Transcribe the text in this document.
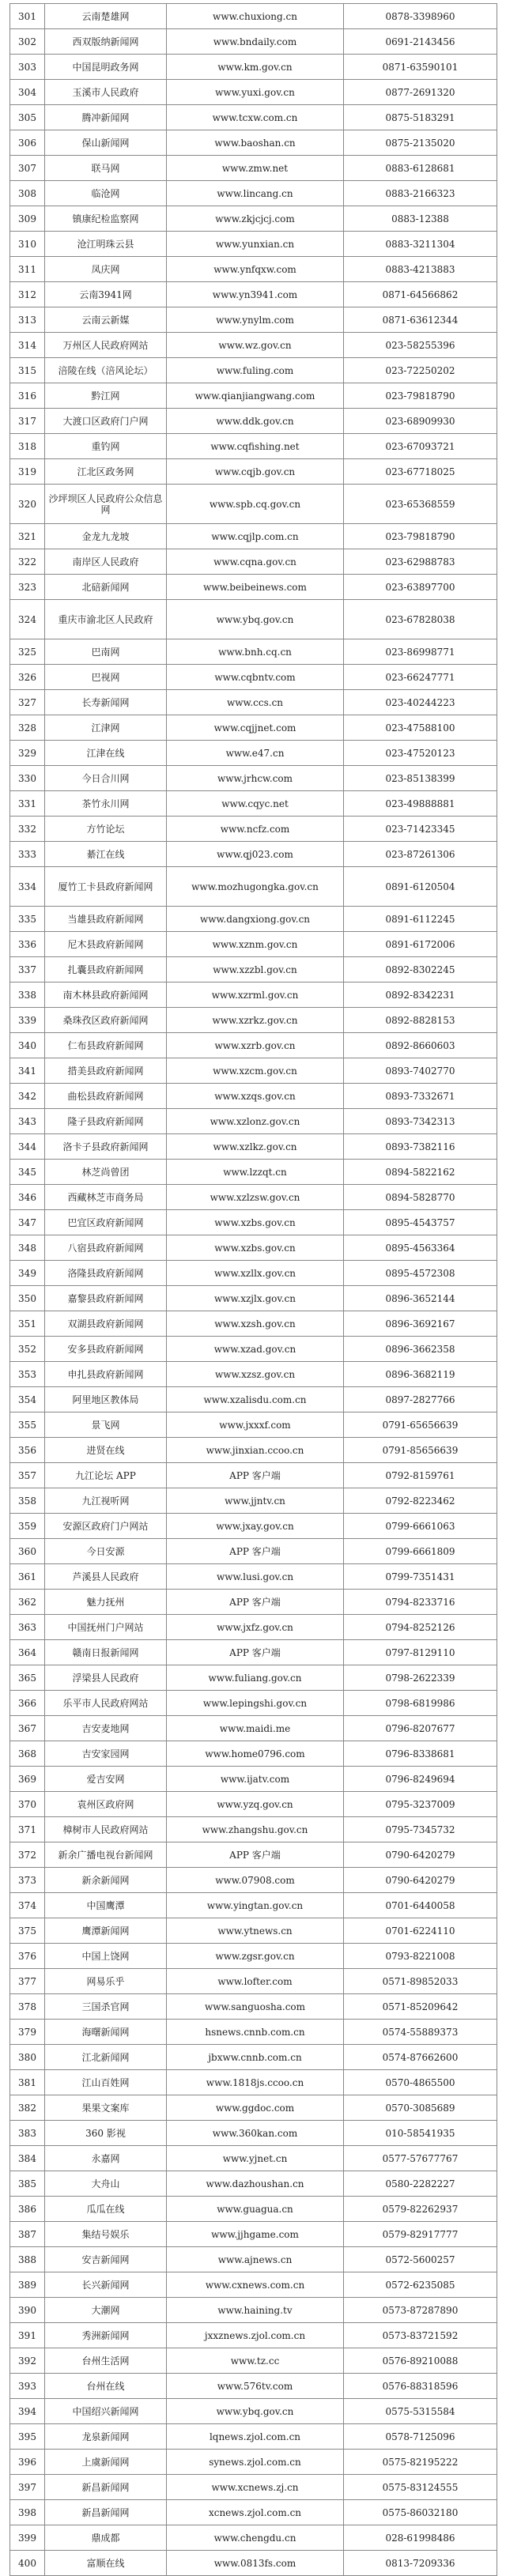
301	云南楚雄网	www.chuxiong.cn	0878-3398960
302	西双版纳新闻网	www.bndaily.com	0691-2143456
303	中国昆明政务网	www.km.gov.cn	0871-63590101
304	玉溪市人民政府	www.yuxi.gov.cn	0877-2691320
305	腾冲新闻网	www.tcxw.com.cn	0875-5183291
306	保山新闻网	www.baoshan.cn	0875-2135020
307	联马网	www.zmw.net	0883-6128681
308	临沧网	www.lincang.cn	0883-2166323
309	镇康纪检监察网	www.zkjcjcj.com	0883-12388
310	沧江明珠云县	www.yunxian.cn	0883-3211304
311	凤庆网	www.ynfqxw.com	0883-4213883
312	云南3941网	www.yn3941.com	0871-64566862
313	云南云新媒	www.ynylm.com	0871-63612344
314	万州区人民政府网站	www.wz.gov.cn	023-58255396
315	涪陵在线（涪风论坛）	www.fuling.com	023-72250202
316	黔江网	www.qianjiangwang.com	023-79818790
317	大渡口区政府门户网	www.ddk.gov.cn	023-68909930
318	重钓网	www.cqfishing.net	023-67093721
319	江北区政务网	www.cqjb.gov.cn	023-67718025
320	沙坪坝区人民政府公众信息网	www.spb.cq.gov.cn	023-65368559
321	金龙九龙坡	www.cqjlp.com.cn	023-79818790
322	南岸区人民政府	www.cqna.gov.cn	023-62988783
323	北碚新闻网	www.beibeinews.com	023-63897700
324	重庆市渝北区人民政府	www.ybq.gov.cn	023-67828038
325	巴南网	www.bnh.cq.cn	023-86998771
326	巴视网	www.cqbntv.com	023-66247771
327	长寿新闻网	www.ccs.cn	023-40244223
328	江津网	www.cqjjnet.com	023-47588100
329	江津在线	www.e47.cn	023-47520123
330	今日合川网	www.jrhcw.com	023-85138399
331	茶竹永川网	www.cqyc.net	023-49888881
332	方竹论坛	www.ncfz.com	023-71423345
333	綦江在线	www.qj023.com	023-87261306
334	厦竹工卡县政府新闻网	www.mozhugongka.gov.cn	0891-6120504
335	当雄县政府新闻网	www.dangxiong.gov.cn	0891-6112245
336	尼木县政府新闻网	www.xznm.gov.cn	0891-6172006
337	扎囊县政府新闻网	www.xzzbl.gov.cn	0892-8302245
338	南木林县政府新闻网	www.xzrml.gov.cn	0892-8342231
339	桑珠孜区政府新闻网	www.xzrkz.gov.cn	0892-8828153
340	仁布县政府新闻网	www.xzrb.gov.cn	0892-8660603
341	措美县政府新闻网	www.xzcm.gov.cn	0893-7402770
342	曲松县政府新闻网	www.xzqs.gov.cn	0893-7332671
343	隆子县政府新闻网	www.xzlonz.gov.cn	0893-7342313
344	洛卡子县政府新闻网	www.xzlkz.gov.cn	0893-7382116
345	林芝尚曾团	www.lzzqt.cn	0894-5822162
346	西藏林芝市商务局	www.xzlzsw.gov.cn	0894-5828770
347	巴宜区政府新闻网	www.xzbs.gov.cn	0895-4543757
348	八宿县政府新闻网	www.xzbs.gov.cn	0895-4563364
349	洛隆县政府新闻网	www.xzllx.gov.cn	0895-4572308
350	嘉黎县政府新闻网	www.xzjlx.gov.cn	0896-3652144
351	双湖县政府新闻网	www.xzsh.gov.cn	0896-3692167
352	安多县政府新闻网	www.xzad.gov.cn	0896-3662358
353	申扎县政府新闻网	www.xzsz.gov.cn	0896-3682119
354	阿里地区教体局	www.xzalisdu.com.cn	0897-2827766
355	景飞网	www.jxxxf.com	0791-65656639
356	进贤在线	www.jinxian.ccoo.cn	0791-85656639
357	九江论坛 APP	APP 客户端	0792-8159761
358	九江视听网	www.jjntv.cn	0792-8223462
359	安源区政府门户网站	www.jxay.gov.cn	0799-6661063
360	今日安源	APP 客户端	0799-6661809
361	芦溪县人民政府	www.lusi.gov.cn	0799-7351431
362	魅力抚州	APP 客户端	0794-8233716
363	中国抚州门户网站	www.jxfz.gov.cn	0794-8252126
364	赣南日报新闻网	APP 客户端	0797-8129110
365	浮梁县人民政府	www.fuliang.gov.cn	0798-2622339
366	乐平市人民政府网站	www.lepingshi.gov.cn	0798-6819986
367	吉安麦地网	www.maidi.me	0796-8207677
368	吉安家园网	www.home0796.com	0796-8338681
369	爱吉安网	www.ijatv.com	0796-8249694
370	袁州区政府网	www.yzq.gov.cn	0795-3237009
371	樟树市人民政府网站	www.zhangshu.gov.cn	0795-7345732
372	新余广播电视台新闻网	APP 客户端	0790-6420279
373	新余新闻网	www.07908.com	0790-6420279
374	中国鹰潭	www.yingtan.gov.cn	0701-6440058
375	鹰潭新闻网	www.ytnews.cn	0701-6224110
376	中国上饶网	www.zgsr.gov.cn	0793-8221008
377	网易乐乎	www.lofter.com	0571-89852033
378	三国杀官网	www.sanguosha.com	0571-85209642
379	海曙新闻网	hsnews.cnnb.com.cn	0574-55889373
380	江北新闻网	jbxww.cnnb.com.cn	0574-87662600
381	江山百姓网	www.1818js.ccoo.cn	0570-4865500
382	果果文案库	www.ggdoc.com	0570-3085689
383	360 影视	www.360kan.com	010-58541935
384	永嘉网	www.yjnet.cn	0577-57677767
385	大舟山	www.dazhoushan.cn	0580-2282227
386	瓜瓜在线	www.guagua.cn	0579-82262937
387	集结号娱乐	www.jjhgame.com	0579-82917777
388	安吉新闻网	www.ajnews.cn	0572-5600257
389	长兴新闻网	www.cxnews.com.cn	0572-6235085
390	大潮网	www.haining.tv	0573-87287890
391	秀洲新闻网	jxxznews.zjol.com.cn	0573-83721592
392	台州生活网	www.tz.cc	0576-89210088
393	台州在线	www.576tv.com	0576-88318596
394	中国绍兴新闻网	www.ybq.gov.cn	0575-5315584
395	龙泉新闻网	lqnews.zjol.com.cn	0578-7125096
396	上虞新闻网	synews.zjol.com.cn	0575-82195222
397	新昌新闻网	www.xcnews.zj.cn	0575-83124555
398	新昌新闻网	xcnews.zjol.com.cn	0575-86032180
399	鼎成都	www.chengdu.cn	028-61998486
400	富顺在线	www.0813fs.com	0813-7209336
